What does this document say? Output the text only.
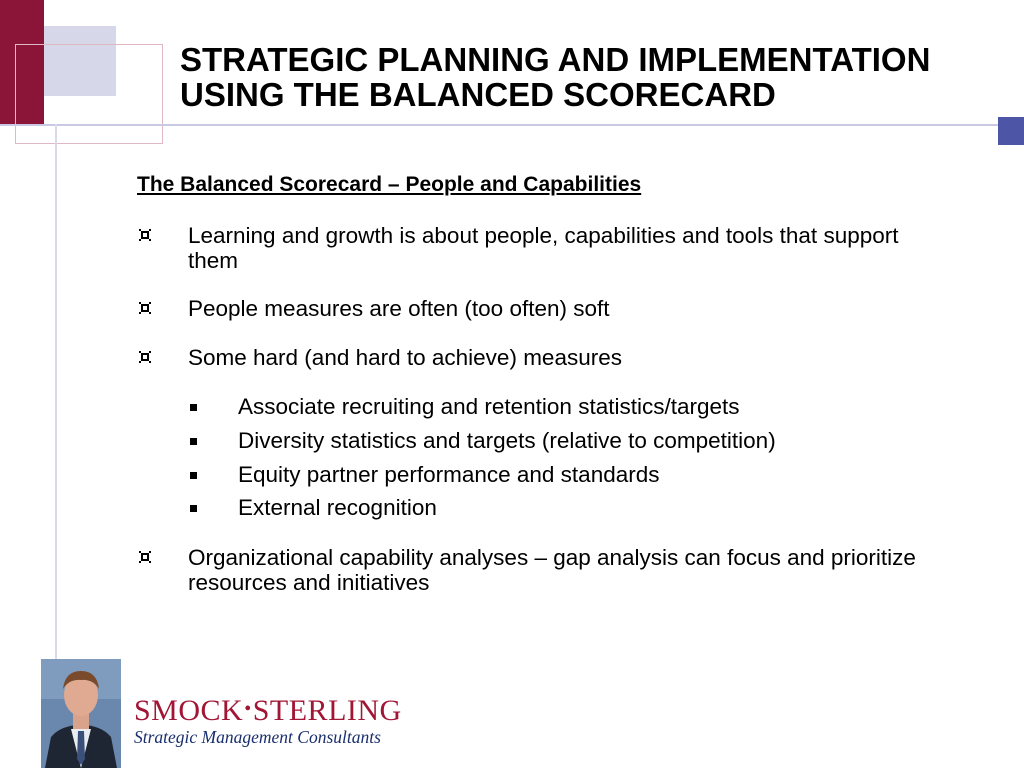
STRATEGIC PLANNING AND IMPLEMENTATION
USING THE BALANCED SCORECARD
The Balanced Scorecard – People and Capabilities
Learning and growth is about people, capabilities and tools that support them
People measures are often (too often) soft
Some hard (and hard to achieve) measures
Associate recruiting and retention statistics/targets
Diversity statistics and targets (relative to competition)
Equity partner performance and standards
External recognition
Organizational capability analyses – gap analysis can focus and prioritize resources and initiatives
SMOCK•STERLING
Strategic Management Consultants
